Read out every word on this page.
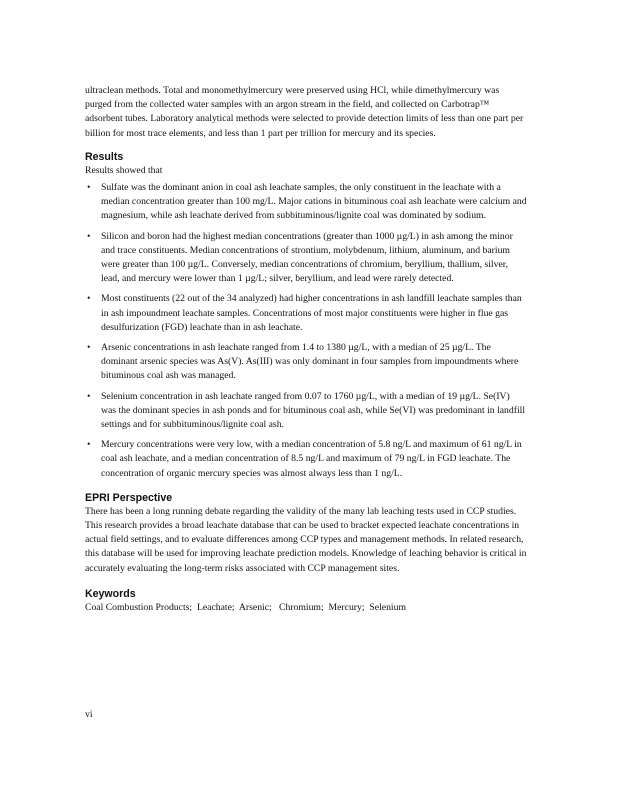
ultraclean methods. Total and monomethylmercury were preserved using HCl, while dimethylmercury was purged from the collected water samples with an argon stream in the field, and collected on Carbotrap™ adsorbent tubes. Laboratory analytical methods were selected to provide detection limits of less than one part per billion for most trace elements, and less than 1 part per trillion for mercury and its species.

Results

Results showed that

• Sulfate was the dominant anion in coal ash leachate samples, the only constituent in the leachate with a median concentration greater than 100 mg/L. Major cations in bituminous coal ash leachate were calcium and magnesium, while ash leachate derived from subbituminous/lignite coal was dominated by sodium.
• Silicon and boron had the highest median concentrations (greater than 1000 µg/L) in ash among the minor and trace constituents. Median concentrations of strontium, molybdenum, lithium, aluminum, and barium were greater than 100 µg/L. Conversely, median concentrations of chromium, beryllium, thallium, silver, lead, and mercury were lower than 1 µg/L; silver, beryllium, and lead were rarely detected.
• Most constituents (22 out of the 34 analyzed) had higher concentrations in ash landfill leachate samples than in ash impoundment leachate samples. Concentrations of most major constituents were higher in flue gas desulfurization (FGD) leachate than in ash leachate.
• Arsenic concentrations in ash leachate ranged from 1.4 to 1380 µg/L, with a median of 25 µg/L. The dominant arsenic species was As(V). As(III) was only dominant in four samples from impoundments where bituminous coal ash was managed.
• Selenium concentration in ash leachate ranged from 0.07 to 1760 µg/L, with a median of 19 µg/L. Se(IV) was the dominant species in ash ponds and for bituminous coal ash, while Se(VI) was predominant in landfill settings and for subbituminous/lignite coal ash.
• Mercury concentrations were very low, with a median concentration of 5.8 ng/L and maximum of 61 ng/L in coal ash leachate, and a median concentration of 8.5 ng/L and maximum of 79 ng/L in FGD leachate. The concentration of organic mercury species was almost always less than 1 ng/L.

EPRI Perspective

There has been a long running debate regarding the validity of the many lab leaching tests used in CCP studies. This research provides a broad leachate database that can be used to bracket expected leachate concentrations in actual field settings, and to evaluate differences among CCP types and management methods. In related research, this database will be used for improving leachate prediction models. Knowledge of leaching behavior is critical in accurately evaluating the long-term risks associated with CCP management sites.

Keywords

Coal Combustion Products;  Leachate;  Arsenic;   Chromium;  Mercury;  Selenium

vi
